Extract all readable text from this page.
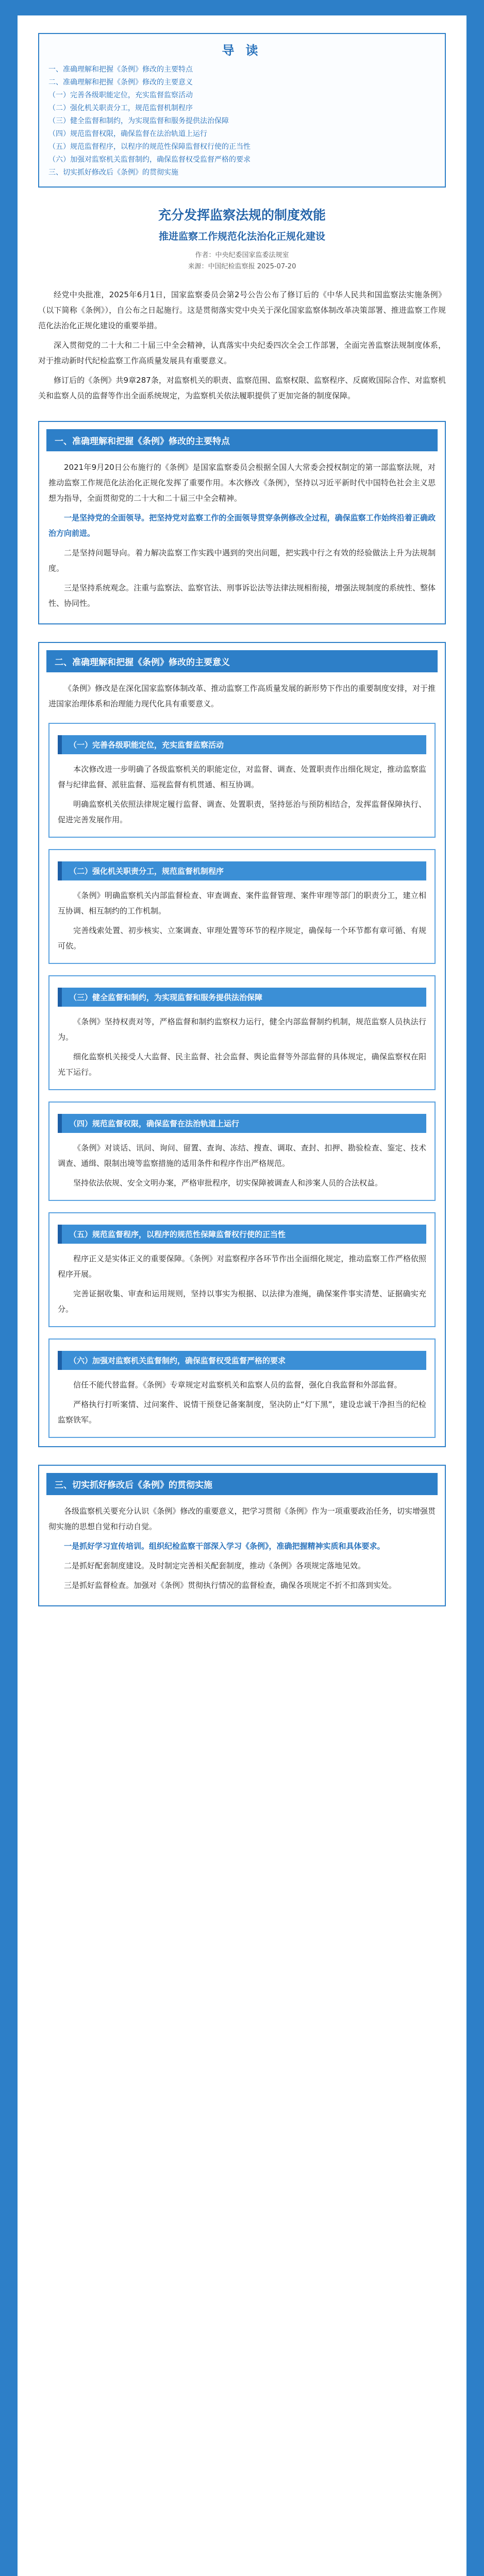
导 读
一、准确理解和把握《条例》修改的主要特点
二、准确理解和把握《条例》修改的主要意义
（一）完善各级职能定位，充实监督监察活动
（二）强化机关职责分工，规范监督机制程序
（三）健全监督和制约，为实现监督和服务提供法治保障
（四）规范监督权限，确保监督在法治轨道上运行
（五）规范监督程序，以程序的规范性保障监督权行使的正当性
（六）加强对监察机关监督制约，确保监督权受监督严格的要求
三、切实抓好修改后《条例》的贯彻实施
充分发挥监察法规的制度效能
推进监察工作规范化法治化正规化建设
作者：中央纪委国家监委法规室
来源：中国纪检监察报 2025-07-20

经党中央批准，2025年6月1日，国家监察委员会第2号公告公布了修订后的《中华人民共和国监察法实施条例》（以下简称《条例》），自公布之日起施行。这是贯彻落实党中央关于深化国家监察体制改革决策部署、推进监察工作规范化法治化正规化建设的重要举措。

深入贯彻党的二十大和二十届三中全会精神，认真落实中央纪委四次全会工作部署，全面完善监察法规制度体系，对于推动新时代纪检监察工作高质量发展具有重要意义。

修订后的《条例》共9章287条，对监察机关的职责、监察范围、监察权限、监察程序、反腐败国际合作、对监察机关和监察人员的监督等作出全面系统规定，为监察机关依法履职提供了更加完备的制度保障。

一、准确理解和把握《条例》修改的主要特点

2021年9月20日公布施行的《条例》是国家监察委员会根据全国人大常委会授权制定的第一部监察法规，对推动监察工作规范化法治化正规化发挥了重要作用。本次修改《条例》，坚持以习近平新时代中国特色社会主义思想为指导，全面贯彻党的二十大和二十届三中全会精神。

一是坚持党的全面领导。把坚持党对监察工作的全面领导贯穿条例修改全过程，确保监察工作始终沿着正确政治方向前进。

二是坚持问题导向。着力解决监察工作实践中遇到的突出问题，把实践中行之有效的经验做法上升为法规制度。

三是坚持系统观念。注重与监察法、监察官法、刑事诉讼法等法律法规相衔接，增强法规制度的系统性、整体性、协同性。

二、准确理解和把握《条例》修改的主要意义

《条例》修改是在深化国家监察体制改革、推动监察工作高质量发展的新形势下作出的重要制度安排，对于推进国家治理体系和治理能力现代化具有重要意义。

（一）完善各级职能定位，充实监督监察活动

本次修改进一步明确了各级监察机关的职能定位，对监督、调查、处置职责作出细化规定，推动监察监督与纪律监督、派驻监督、巡视监督有机贯通、相互协调。

明确监察机关依照法律规定履行监督、调查、处置职责，坚持惩治与预防相结合，发挥监督保障执行、促进完善发展作用。

（二）强化机关职责分工，规范监督机制程序

《条例》明确监察机关内部监督检查、审查调查、案件监督管理、案件审理等部门的职责分工，建立相互协调、相互制约的工作机制。

完善线索处置、初步核实、立案调查、审理处置等环节的程序规定，确保每一个环节都有章可循、有规可依。

（三）健全监督和制约，为实现监督和服务提供法治保障

《条例》坚持权责对等，严格监督和制约监察权力运行，健全内部监督制约机制，规范监察人员执法行为。

细化监察机关接受人大监督、民主监督、社会监督、舆论监督等外部监督的具体规定，确保监察权在阳光下运行。

（四）规范监督权限，确保监督在法治轨道上运行

《条例》对谈话、讯问、询问、留置、查询、冻结、搜查、调取、查封、扣押、勘验检查、鉴定、技术调查、通缉、限制出境等监察措施的适用条件和程序作出严格规范。

坚持依法依规、安全文明办案，严格审批程序，切实保障被调查人和涉案人员的合法权益。

（五）规范监督程序，以程序的规范性保障监督权行使的正当性

程序正义是实体正义的重要保障。《条例》对监察程序各环节作出全面细化规定，推动监察工作严格依照程序开展。

完善证据收集、审查和运用规则，坚持以事实为根据、以法律为准绳，确保案件事实清楚、证据确实充分。

（六）加强对监察机关监督制约，确保监督权受监督严格的要求

信任不能代替监督。《条例》专章规定对监察机关和监察人员的监督，强化自我监督和外部监督。

严格执行打听案情、过问案件、说情干预登记备案制度，坚决防止“灯下黑”，建设忠诚干净担当的纪检监察铁军。

三、切实抓好修改后《条例》的贯彻实施

各级监察机关要充分认识《条例》修改的重要意义，把学习贯彻《条例》作为一项重要政治任务，切实增强贯彻实施的思想自觉和行动自觉。

一是抓好学习宣传培训。组织纪检监察干部深入学习《条例》，准确把握精神实质和具体要求。

二是抓好配套制度建设。及时制定完善相关配套制度，推动《条例》各项规定落地见效。

三是抓好监督检查。加强对《条例》贯彻执行情况的监督检查，确保各项规定不折不扣落到实处。
